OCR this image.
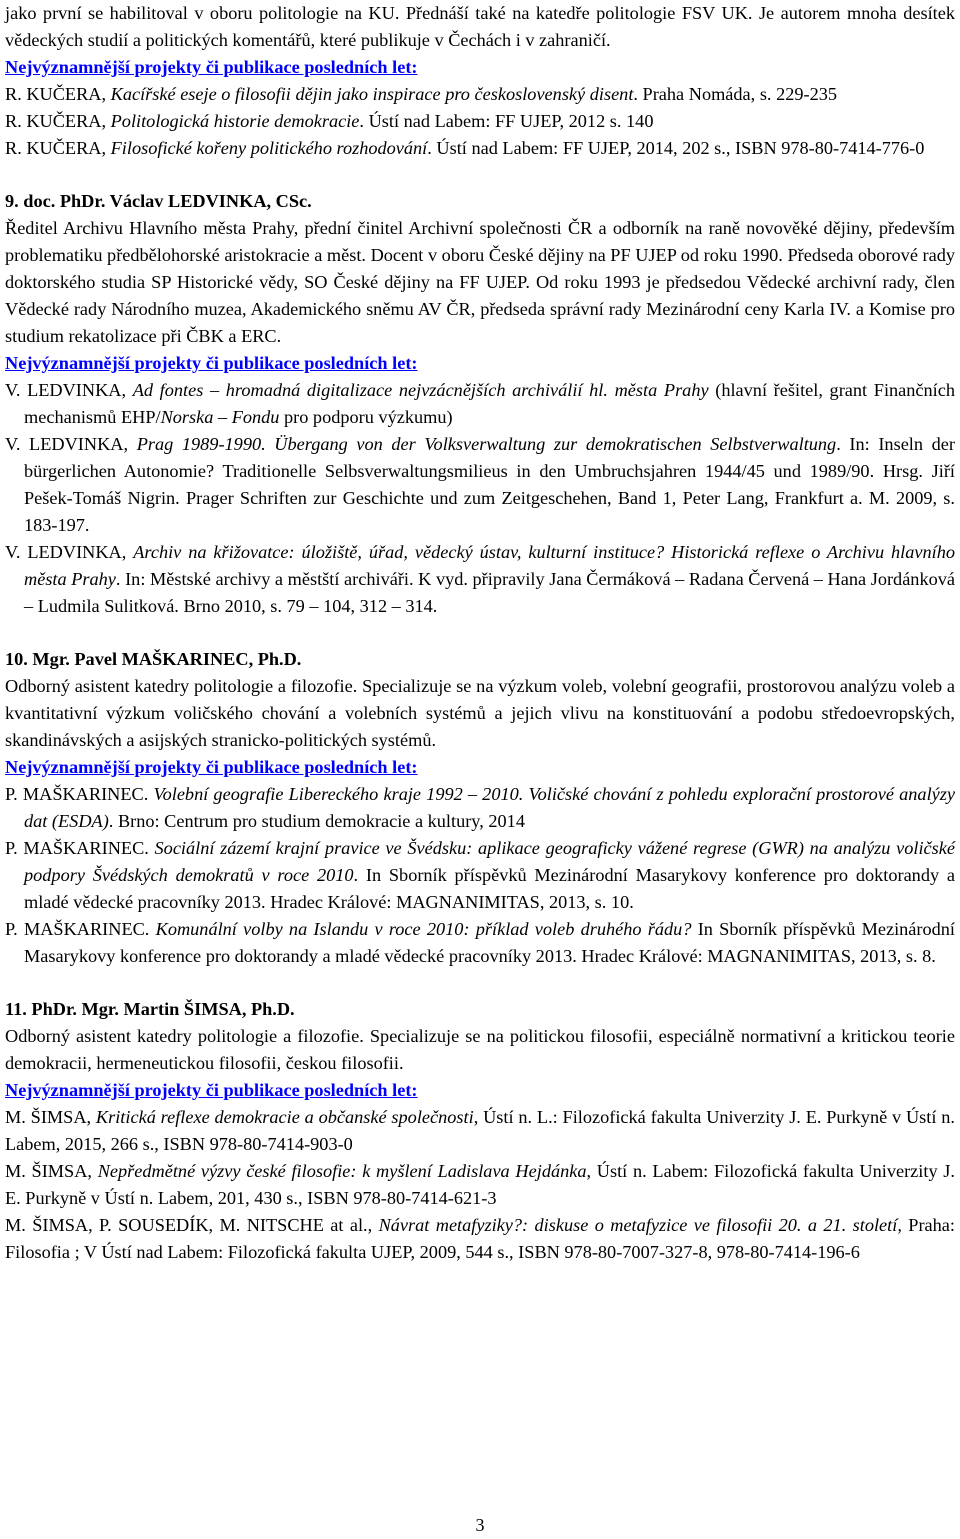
jako první se habilitoval v oboru politologie na KU. Přednáší také na katedře politologie FSV UK. Je autorem mnoha desítek vědeckých studií a politických komentářů, které publikuje v Čechách i v zahraničí.

Nejvýznamnější projekty či publikace posledních let:

R. KUČERA, Kacířské eseje o filosofii dějin jako inspirace pro československý disent. Praha Nomáda, s. 229-235

R. KUČERA, Politologická historie demokracie. Ústí nad Labem: FF UJEP, 2012 s. 140

R. KUČERA, Filosofické kořeny politického rozhodování. Ústí nad Labem: FF UJEP, 2014, 202 s., ISBN 978-80-7414-776-0

9. doc. PhDr. Václav LEDVINKA, CSc.

Ředitel Archivu Hlavního města Prahy, přední činitel Archivní společnosti ČR a odborník na raně novověké dějiny, především problematiku předbělohorské aristokracie a měst. Docent v oboru České dějiny na PF UJEP od roku 1990. Předseda oborové rady doktorského studia SP Historické vědy, SO České dějiny na FF UJEP. Od roku 1993 je předsedou Vědecké archivní rady, člen Vědecké rady Národního muzea, Akademického sněmu AV ČR, předseda správní rady Mezinárodní ceny Karla IV. a Komise pro studium rekatolizace při ČBK a ERC.

Nejvýznamnější projekty či publikace posledních let:

V. LEDVINKA, Ad fontes – hromadná digitalizace nejvzácnějších archiválií hl. města Prahy (hlavní řešitel, grant Finančních mechanismů EHP/Norska – Fondu pro podporu výzkumu)

V. LEDVINKA, Prag 1989-1990. Übergang von der Volksverwaltung zur demokratischen Selbstverwaltung. In: Inseln der bürgerlichen Autonomie? Traditionelle Selbsverwaltungsmilieus in den Umbruchsjahren 1944/45 und 1989/90. Hrsg. Jiří Pešek-Tomáš Nigrin. Prager Schriften zur Geschichte und zum Zeitgeschehen, Band 1, Peter Lang, Frankfurt a. M. 2009, s. 183-197.

V. LEDVINKA, Archiv na křižovatce: úložiště, úřad, vědecký ústav, kulturní instituce? Historická reflexe o Archivu hlavního města Prahy. In: Městské archivy a městští archiváři. K vyd. připravily Jana Čermáková – Radana Červená – Hana Jordánková – Ludmila Sulitková. Brno 2010, s. 79 – 104, 312 – 314.

10. Mgr. Pavel MAŠKARINEC, Ph.D.

Odborný asistent katedry politologie a filozofie. Specializuje se na výzkum voleb, volební geografii, prostorovou analýzu voleb a kvantitativní výzkum voličského chování a volebních systémů a jejich vlivu na konstituování a podobu středoevropských, skandinávských a asijských stranicko-politických systémů.

Nejvýznamnější projekty či publikace posledních let:

P. MAŠKARINEC. Volební geografie Libereckého kraje 1992 – 2010. Voličské chování z pohledu explorační prostorové analýzy dat (ESDA). Brno: Centrum pro studium demokracie a kultury, 2014

P. MAŠKARINEC. Sociální zázemí krajní pravice ve Švédsku: aplikace geograficky vážené regrese (GWR) na analýzu voličské podpory Švédských demokratů v roce 2010. In Sborník příspěvků Mezinárodní Masarykovy konference pro doktorandy a mladé vědecké pracovníky 2013. Hradec Králové: MAGNANIMITAS, 2013, s. 10.

P. MAŠKARINEC. Komunální volby na Islandu v roce 2010: příklad voleb druhého řádu? In Sborník příspěvků Mezinárodní Masarykovy konference pro doktorandy a mladé vědecké pracovníky 2013. Hradec Králové: MAGNANIMITAS, 2013, s. 8.

11. PhDr. Mgr. Martin ŠIMSA, Ph.D.

Odborný asistent katedry politologie a filozofie. Specializuje se na politickou filosofii, especiálně normativní a kritickou teorie demokracii, hermeneutickou filosofii, českou filosofii.

Nejvýznamnější projekty či publikace posledních let:

M. ŠIMSA, Kritická reflexe demokracie a občanské společnosti, Ústí n. L.: Filozofická fakulta Univerzity J. E. Purkyně v Ústí n. Labem, 2015, 266 s., ISBN 978-80-7414-903-0

M. ŠIMSA, Nepředmětné výzvy české filosofie: k myšlení Ladislava Hejdánka, Ústí n. Labem: Filozofická fakulta Univerzity J. E. Purkyně v Ústí n. Labem, 201, 430 s., ISBN 978-80-7414-621-3

M. ŠIMSA, P. SOUSEDÍK, M. NITSCHE at al., Návrat metafyziky?: diskuse o metafyzice ve filosofii 20. a 21. století, Praha: Filosofia ; V Ústí nad Labem: Filozofická fakulta UJEP, 2009, 544 s., ISBN 978-80-7007-327-8, 978-80-7414-196-6

3
